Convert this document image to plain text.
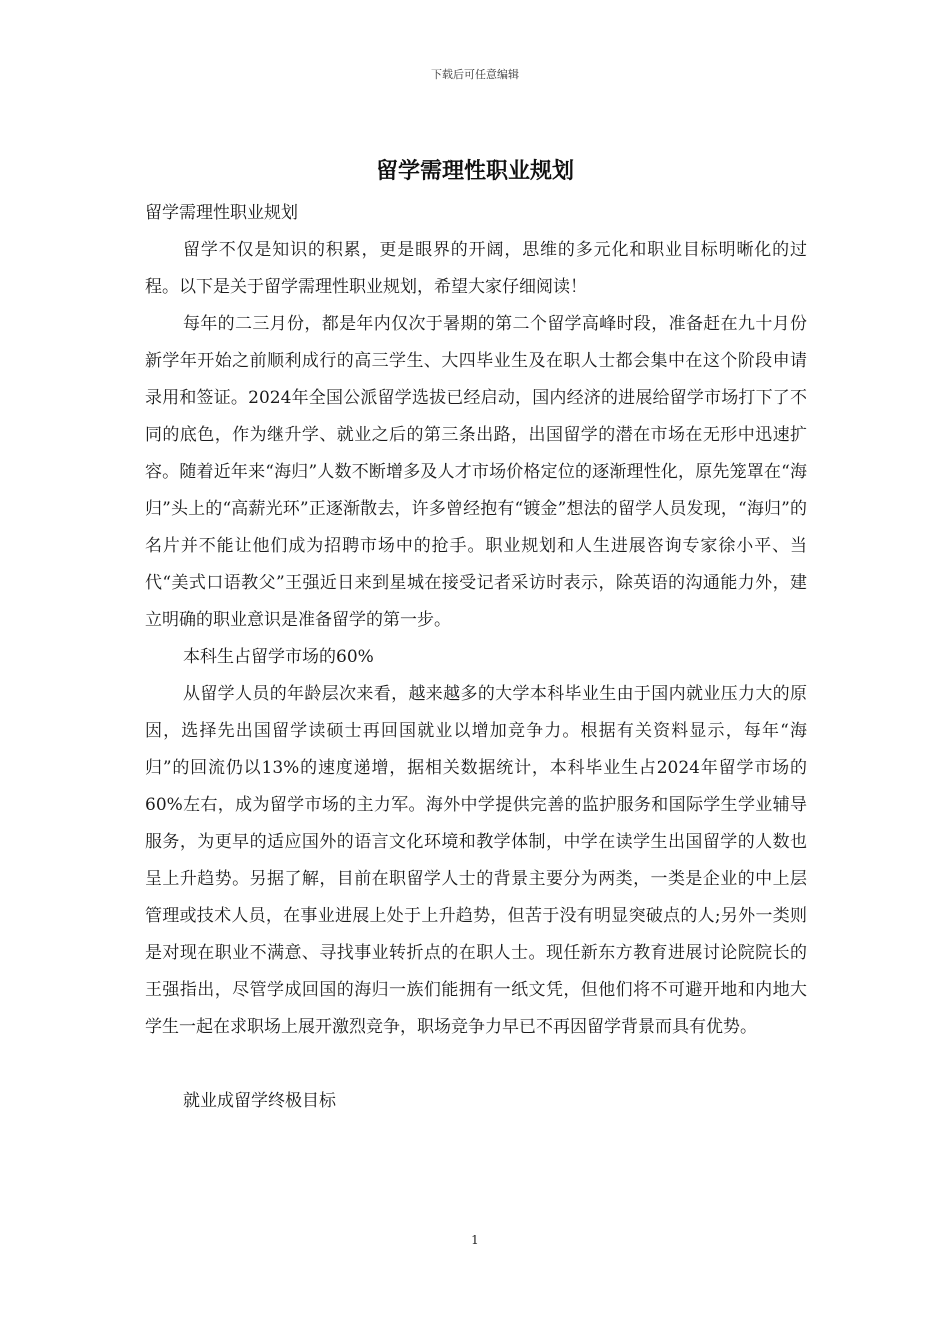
下载后可任意编辑
留学需理性职业规划

留学需理性职业规划

留学不仅是知识的积累，更是眼界的开阔，思维的多元化和职业目标明晰化的过程。以下是关于留学需理性职业规划，希望大家仔细阅读！

每年的二三月份，都是年内仅次于暑期的第二个留学高峰时段，准备赶在九十月份新学年开始之前顺利成行的高三学生、大四毕业生及在职人士都会集中在这个阶段申请录用和签证。2024年全国公派留学选拔已经启动，国内经济的进展给留学市场打下了不同的底色，作为继升学、就业之后的第三条出路，出国留学的潜在市场在无形中迅速扩容。随着近年来“海归”人数不断增多及人才市场价格定位的逐渐理性化，原先笼罩在“海归”头上的“高薪光环”正逐渐散去，许多曾经抱有“镀金”想法的留学人员发现，“海归”的名片并不能让他们成为招聘市场中的抢手。职业规划和人生进展咨询专家徐小平、当代“美式口语教父”王强近日来到星城在接受记者采访时表示，除英语的沟通能力外，建立明确的职业意识是准备留学的第一步。

本科生占留学市场的60%

从留学人员的年龄层次来看，越来越多的大学本科毕业生由于国内就业压力大的原因，选择先出国留学读硕士再回国就业以增加竞争力。根据有关资料显示，每年“海归”的回流仍以13%的速度递增，据相关数据统计，本科毕业生占2024年留学市场的60%左右，成为留学市场的主力军。海外中学提供完善的监护服务和国际学生学业辅导服务，为更早的适应国外的语言文化环境和教学体制，中学在读学生出国留学的人数也呈上升趋势。另据了解，目前在职留学人士的背景主要分为两类，一类是企业的中上层管理或技术人员，在事业进展上处于上升趋势，但苦于没有明显突破点的人;另外一类则是对现在职业不满意、寻找事业转折点的在职人士。现任新东方教育进展讨论院院长的王强指出，尽管学成回国的海归一族们能拥有一纸文凭，但他们将不可避开地和内地大学生一起在求职场上展开激烈竞争，职场竞争力早已不再因留学背景而具有优势。

就业成留学终极目标

1
